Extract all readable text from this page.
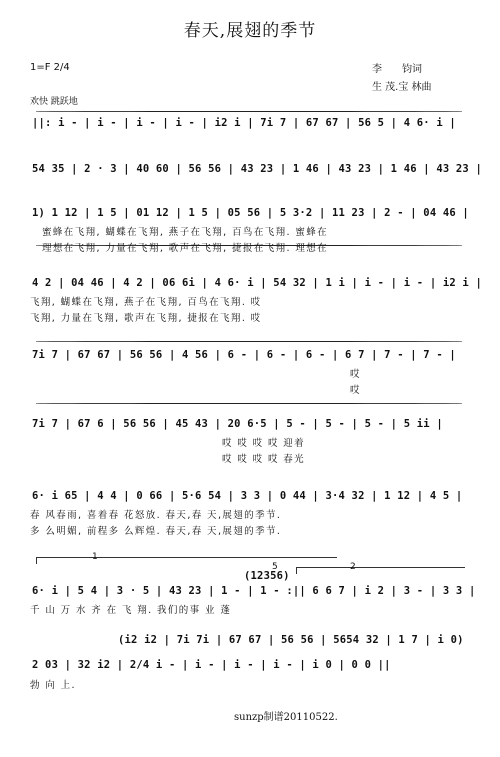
春天,展翅的季节
1=F 2/4	李　　钧词
生 茂.宝 林曲
欢快 跳跃地
1
2
5
||: i - | i - | i - | i - | i2 i | 7i 7 | 67 67 | 56 5 | 4 6· i |
54 35 | 2 · 3 | 40 60 | 56 56 | 43 23 | 1 46 | 43 23 | 1 46 | 43 23 |
1) 1 12 | 1 5 | 01 12 | 1 5 | 05 56 | 5 3·2 | 11 23 | 2 - | 04 46 |
蜜蜂在飞翔, 蝴蝶在飞翔, 燕子在飞翔, 百鸟在飞翔. 蜜蜂在
理想在飞翔, 力量在飞翔, 歌声在飞翔, 捷报在飞翔. 理想在
4 2 | 04 46 | 4 2 | 06 6i | 4 6· i | 54 32 | 1 i | i - | i - | i2 i |
飞翔, 蝴蝶在飞翔, 燕子在飞翔, 百鸟在飞翔. 哎
飞翔, 力量在飞翔, 歌声在飞翔, 捷报在飞翔. 哎
7i 7 | 67 67 | 56 56 | 4 56 | 6 - | 6 - | 6 - | 6 7 | 7 - | 7 - |
哎
哎
7i 7 | 67 6 | 56 56 | 45 43 | 20 6·5 | 5 - | 5 - | 5 - | 5 ii |
哎 哎 哎 哎 迎着
哎 哎 哎 哎 春光
6· i 65 | 4 4 | 0 66 | 5·6 54 | 3 3 | 0 44 | 3·4 32 | 1 12 | 4 5 |
春 风春雨, 喜着春 花怒放. 春天,春 天,展翅的季节.
多 么明媚, 前程多 么辉煌. 春天,春 天,展翅的季节.
(12356)
6· i | 5 4 | 3 · 5 | 43 23 | 1 - | 1 - :|| 6 6 7 | i 2 | 3 - | 3 3 |
千 山 万 水 齐 在 飞 翔. 我们的事 业 蓬
(i2 i2 | 7i 7i | 67 67 | 56 56 | 5654 32 | 1 7 | i 0)
2 03 | 32 i2 | 2/4 i - | i - | i - | i - | i 0 | 0 0 ||
勃 向 上.
sunzp制谱20110522.
